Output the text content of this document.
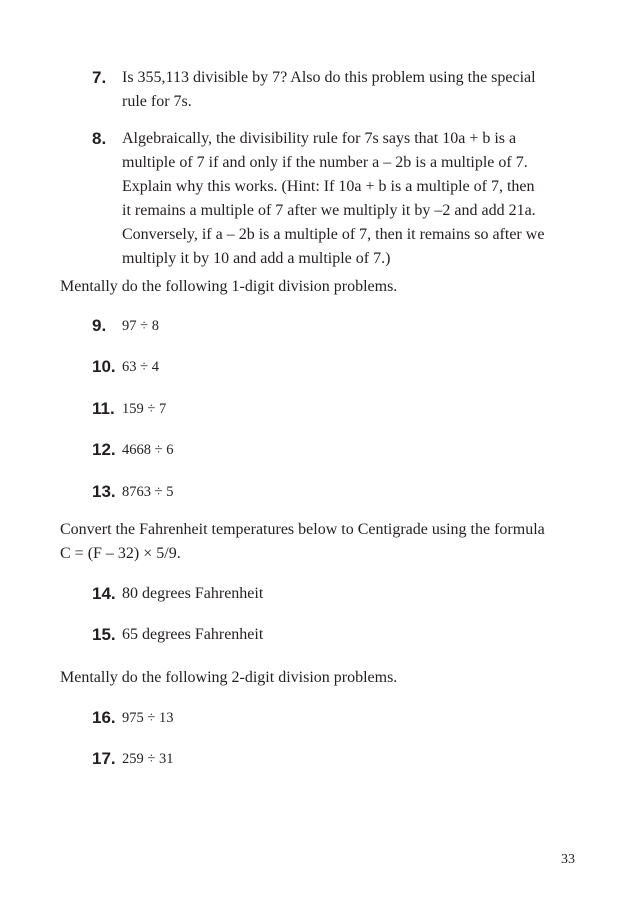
7. Is 355,113 divisible by 7? Also do this problem using the special
rule for 7s.
8. Algebraically, the divisibility rule for 7s says that 10a + b is a
multiple of 7 if and only if the number a – 2b is a multiple of 7.
Explain why this works. (Hint: If 10a + b is a multiple of 7, then
it remains a multiple of 7 after we multiply it by –2 and add 21a.
Conversely, if a – 2b is a multiple of 7, then it remains so after we
multiply it by 10 and add a multiple of 7.)
Mentally do the following 1-digit division problems.
9. 97 ÷ 8
10. 63 ÷ 4
11. 159 ÷ 7
12. 4668 ÷ 6
13. 8763 ÷ 5
Convert the Fahrenheit temperatures below to Centigrade using the formula
C = (F – 32) × 5/9.
14. 80 degrees Fahrenheit
15. 65 degrees Fahrenheit
Mentally do the following 2-digit division problems.
16. 975 ÷ 13
17. 259 ÷ 31
33
